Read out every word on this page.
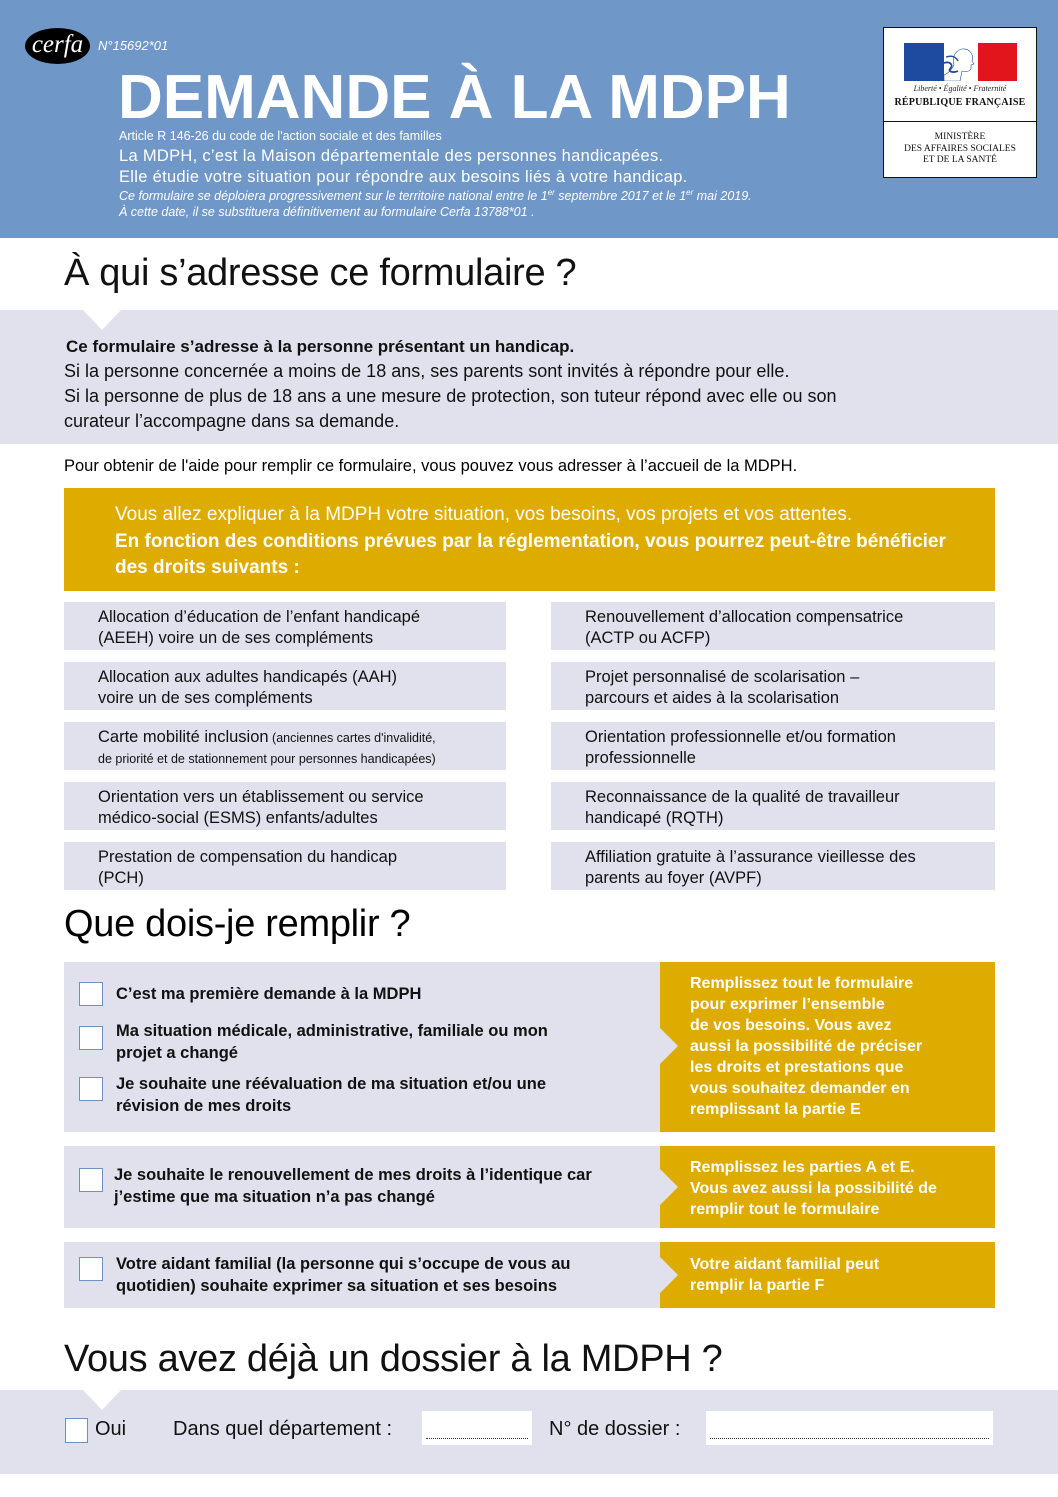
cerfa	N°15692*01
DEMANDE À LA MDPH
Article R 146-26 du code de l'action sociale et des familles
La MDPH, c’est la Maison départementale des personnes handicapées.
Elle étudie votre situation pour répondre aux besoins liés à votre handicap.
Ce formulaire se déploiera progressivement sur le territoire national entre le 1er septembre 2017 et le 1er mai 2019.
À cette date, il se substituera définitivement au formulaire Cerfa 13788*01 .
Liberté • Égalité • Fraternité
RÉPUBLIQUE FRANÇAISE
MINISTÈRE
DES AFFAIRES SOCIALES
ET DE LA SANTÉ
À qui s’adresse ce formulaire ?
Ce formulaire s’adresse à la personne présentant un handicap.
Si la personne concernée a moins de 18 ans, ses parents sont invités à répondre pour elle.
Si la personne de plus de 18 ans a une mesure de protection, son tuteur répond avec elle ou son
curateur l’accompagne dans sa demande.
Pour obtenir de l'aide pour remplir ce formulaire, vous pouvez vous adresser à l’accueil de la MDPH.
Vous allez expliquer à la MDPH votre situation, vos besoins, vos projets et vos attentes.
En fonction des conditions prévues par la réglementation, vous pourrez peut-être bénéficier des droits suivants :
Allocation d’éducation de l’enfant handicapé
(AEEH) voire un de ses compléments
Allocation aux adultes handicapés (AAH)
voire un de ses compléments
Carte mobilité inclusion (anciennes cartes d'invalidité,
de priorité et de stationnement pour personnes handicapées)
Orientation vers un établissement ou service
médico-social (ESMS) enfants/adultes
Prestation de compensation du handicap
(PCH)
Renouvellement d’allocation compensatrice
(ACTP ou ACFP)
Projet personnalisé de scolarisation –
parcours et aides à la scolarisation
Orientation professionnelle et/ou formation
professionnelle
Reconnaissance de la qualité de travailleur
handicapé (RQTH)
Affiliation gratuite à l’assurance vieillesse des
parents au foyer (AVPF)
Que dois-je remplir ?
Remplissez tout le formulaire
pour exprimer l’ensemble
de vos besoins. Vous avez
aussi la possibilité de préciser
les droits et prestations que
vous souhaitez demander en
remplissant la partie E
C’est ma première demande à la MDPH
Ma situation médicale, administrative, familiale ou mon
projet a changé
Je souhaite une réévaluation de ma situation et/ou une
révision de mes droits
Remplissez les parties A et E.
Vous avez aussi la possibilité de
remplir tout le formulaire
Je souhaite le renouvellement de mes droits à l’identique car
j’estime que ma situation n’a pas changé
Votre aidant familial peut
remplir la partie F
Votre aidant familial (la personne qui s’occupe de vous au
quotidien) souhaite exprimer sa situation et ses besoins
Vous avez déjà un dossier à la MDPH ?
Oui Dans quel département :	N° de dossier :
